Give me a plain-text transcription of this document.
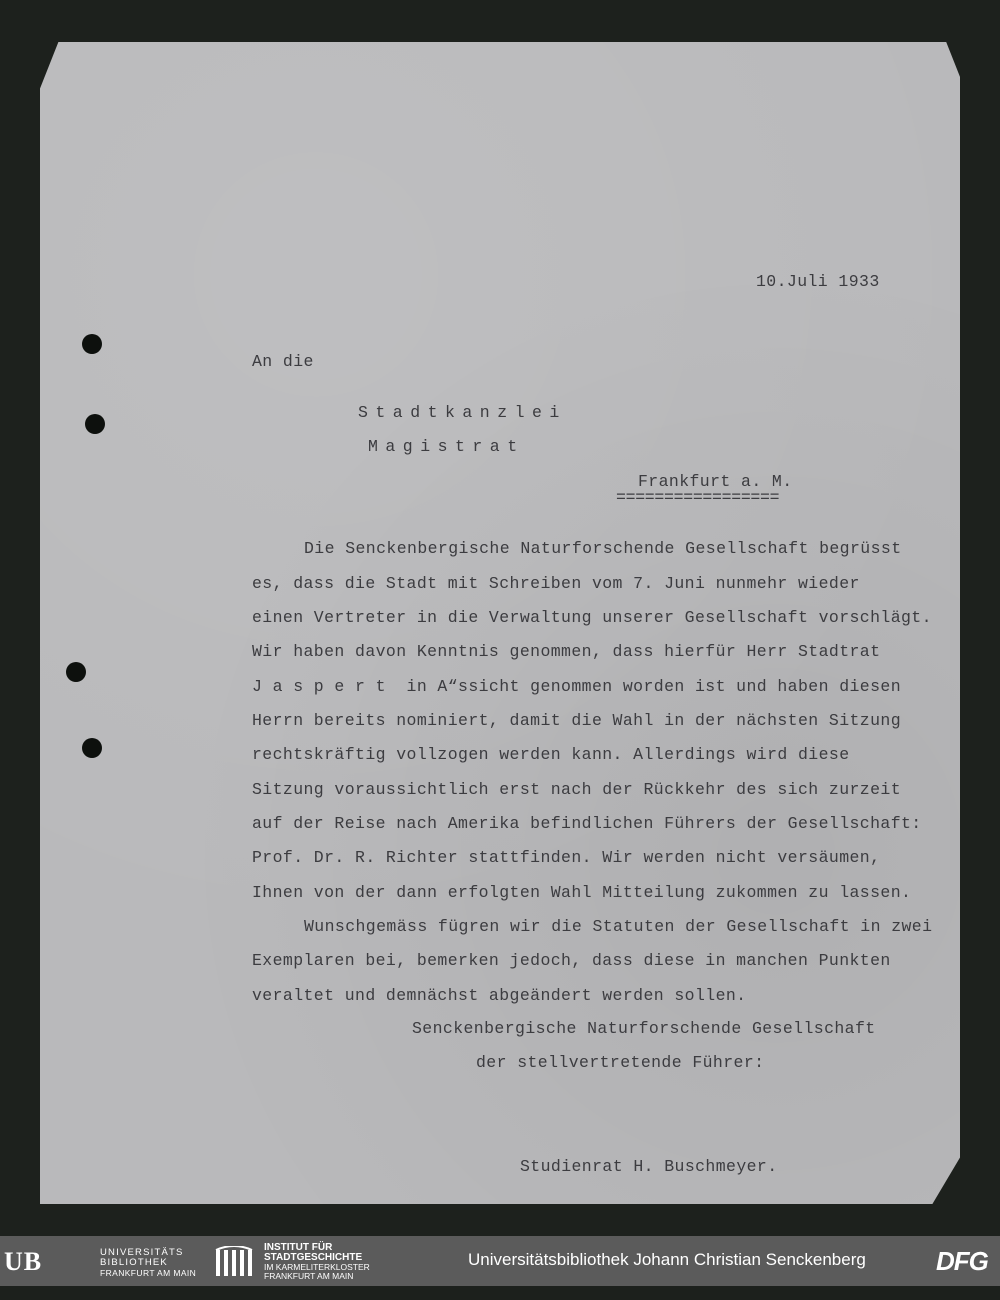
10.Juli 1933
An die
Stadtkanzlei
Magistrat
Frankfurt a. M.
=================
Die Senckenbergische Naturforschende Gesellschaft begrüsst
es, dass die Stadt mit Schreiben vom 7. Juni nunmehr wieder
einen Vertreter in die Verwaltung unserer Gesellschaft vorschlägt.
Wir haben davon Kenntnis genommen, dass hierfür Herr Stadtrat
J a s p e r t  in A“ssicht genommen worden ist und haben diesen
Herrn bereits nominiert, damit die Wahl in der nächsten Sitzung
rechtskräftig vollzogen werden kann. Allerdings wird diese
Sitzung voraussichtlich erst nach der Rückkehr des sich zurzeit
auf der Reise nach Amerika befindlichen Führers der Gesellschaft:
Prof. Dr. R. Richter stattfinden. Wir werden nicht versäumen,
Ihnen von der dann erfolgten Wahl Mitteilung zukommen zu lassen.
Wunschgemäss fügren wir die Statuten der Gesellschaft in zwei
Exemplaren bei, bemerken jedoch, dass diese in manchen Punkten
veraltet und demnächst abgeändert werden sollen.
Senckenbergische Naturforschende Gesellschaft
der stellvertretende Führer:
Studienrat H. Buschmeyer.
UB	UNIVERSITÄTS
BIBLIOTHEK
FRANKFURT AM MAIN
INSTITUT FÜR
STADTGESCHICHTE
IM KARMELITERKLOSTER
FRANKFURT AM MAIN
Universitätsbibliothek Johann Christian Senckenberg	DFG
